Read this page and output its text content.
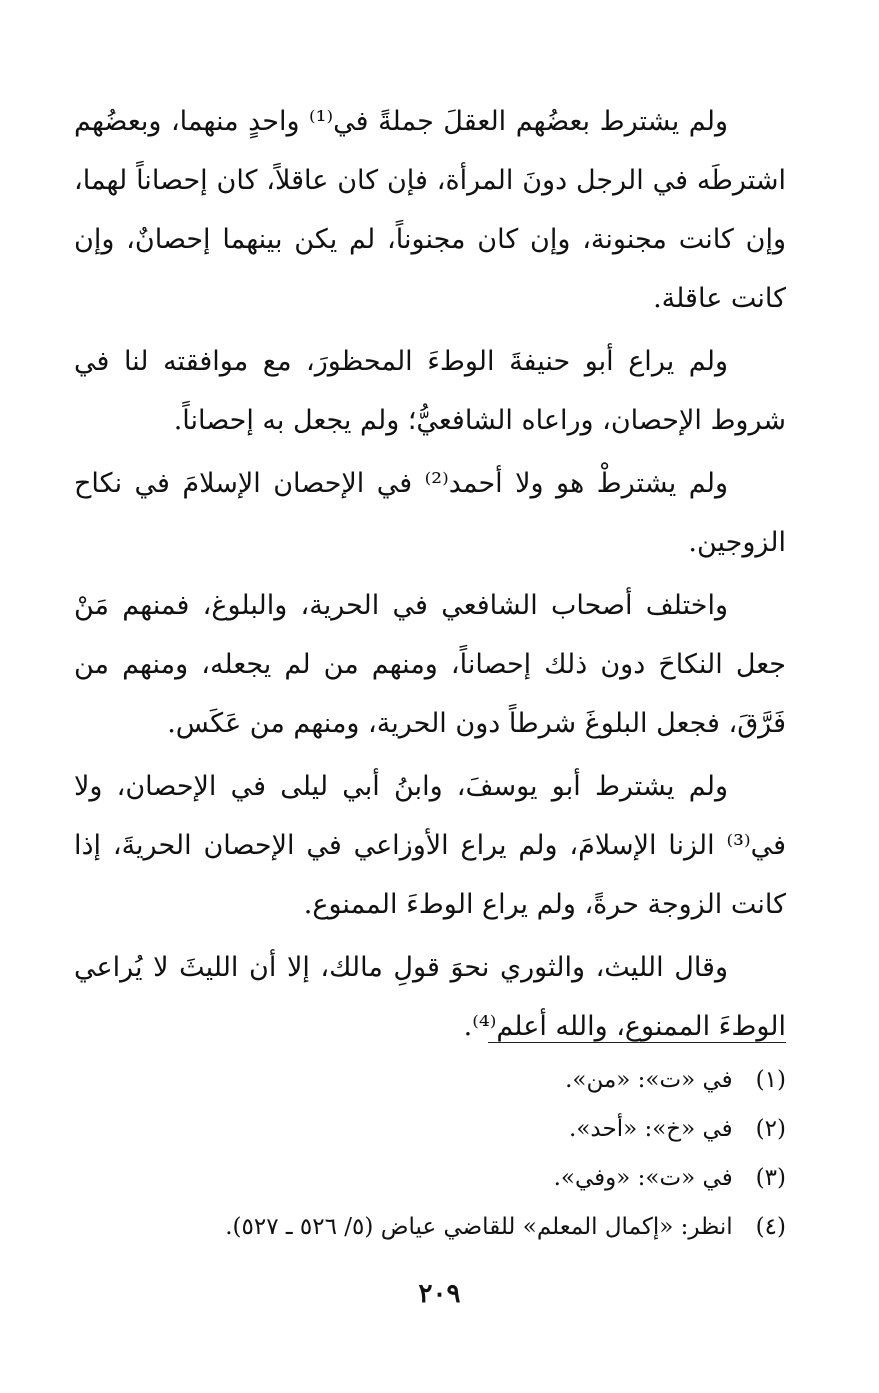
ولم يشترط بعضُهم العقلَ جملةً في⁽¹⁾ واحدٍ منهما، وبعضُهم اشترطَه في الرجل دونَ المرأة، فإن كان عاقلاً، كان إحصاناً لهما، وإن كانت مجنونة، وإن كان مجنوناً، لم يكن بينهما إحصانٌ، وإن كانت عاقلة.

ولم يراع أبو حنيفةَ الوطءَ المحظورَ، مع موافقته لنا في شروط الإحصان، وراعاه الشافعيُّ؛ ولم يجعل به إحصاناً.

ولم يشترطْ هو ولا أحمد⁽²⁾ في الإحصان الإسلامَ في نكاح الزوجين.

واختلف أصحاب الشافعي في الحرية، والبلوغ، فمنهم مَنْ جعل النكاحَ دون ذلك إحصاناً، ومنهم من لم يجعله، ومنهم من فَرَّقَ، فجعل البلوغَ شرطاً دون الحرية، ومنهم من عَكَس.

ولم يشترط أبو يوسفَ، وابنُ أبي ليلى في الإحصان، ولا في⁽³⁾ الزنا الإسلامَ، ولم يراع الأوزاعي في الإحصان الحريةَ، إذا كانت الزوجة حرةً، ولم يراع الوطءَ الممنوع.

وقال الليث، والثوري نحوَ قولِ مالك، إلا أن الليثَ لا يُراعي الوطءَ الممنوع، والله أعلم⁽⁴⁾.

(١) في «ت»: «من».
(٢) في «خ»: «أحد».
(٣) في «ت»: «وفي».
(٤) انظر: «إكمال المعلم» للقاضي عياض (٥/ ٥٢٦ ـ ٥٢٧).
٢٠٩
